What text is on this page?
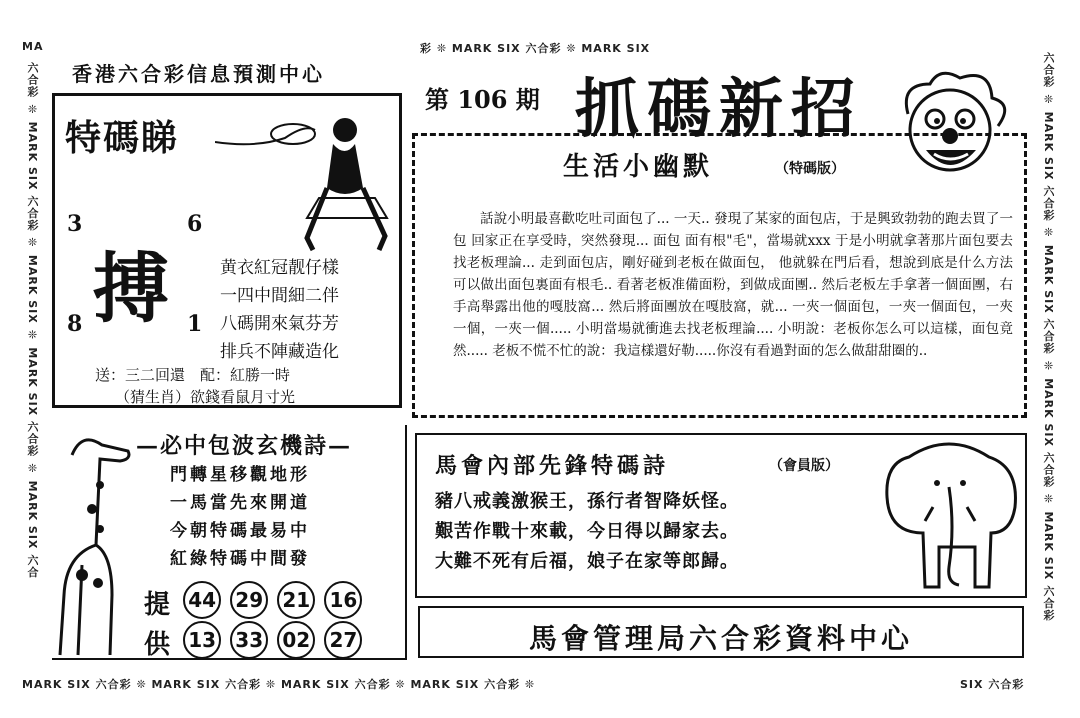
MA	彩 ❊ MARK SIX 六合彩 ❊ MARK SIX
MARK SIX 六合彩 ❊ MARK SIX 六合彩 ❊ MARK SIX 六合彩 ❊ MARK SIX 六合彩 ❊	SIX 六合彩
六合彩 ❊ MARK SIX 六合彩 ❊ MARK SIX ❊ MARK SIX 六合彩 ❊ MARK SIX 六合	六合彩 ❊ MARK SIX 六合彩 ❊ MARK SIX 六合彩 ❊ MARK SIX 六合彩 ❊ MARK SIX 六合彩
香港六合彩信息預測中心
第 106 期 抓碼新招
特碼睇
3	6
8	1
搏	黄衣紅冠靓仔樣
一四中間細二伴
八碼開來氣芬芳
排兵不陣藏造化
送：三二回還　配：紅勝一時
（猜生肖）欲錢看鼠月寸光
—必中包波玄機詩—
門轉星移觀地形
一馬當先來開道
今朝特碼最易中
紅綠特碼中間發
提 44 29 21 16
供 13 33 02 27
生活小幽默	（特碼版）
話說小明最喜歡吃吐司面包了... 一天.. 發現了某家的面包店，于是興致勃勃的跑去買了一包 回家正在享受時，突然發現... 面包 面有根"毛"，當場就xxx 于是小明就拿著那片面包要去找老板理論... 走到面包店，剛好碰到老板在做面包， 他就躲在門后看，想說到底是什么方法可以做出面包裏面有根毛.. 看著老板准備面粉，到做成面團.. 然后老板左手拿著一個面團，右手高舉露出他的嘎肢窩... 然后將面團放在嘎肢窩，就... 一夾一個面包，一夾一個面包，一夾一個，一夾一個..... 小明當場就衝進去找老板理論.... 小明說：老板你怎么可以這樣，面包竟然..... 老板不慌不忙的說：我這樣還好勒.....你沒有看過對面的怎么做甜甜圈的..
馬會內部先鋒特碼詩	（會員版）
豬八戒義激猴王，孫行者智降妖怪。
艱苦作戰十來載，今日得以歸家去。
大難不死有后福，娘子在家等郎歸。
馬會管理局六合彩資料中心
